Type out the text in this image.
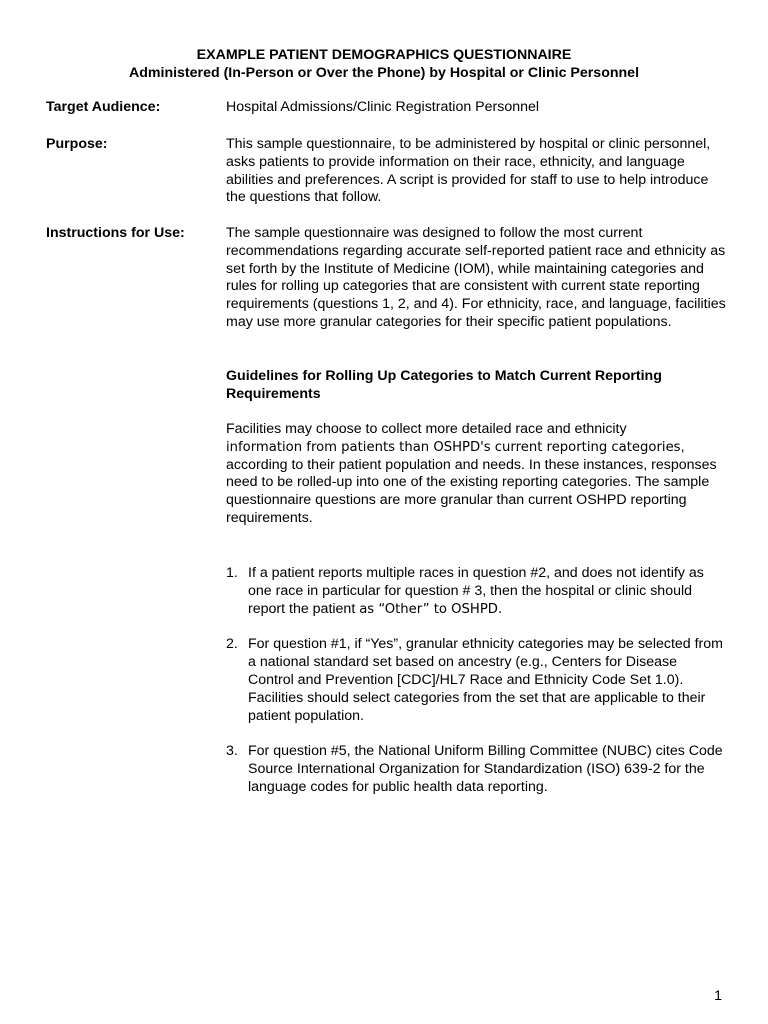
EXAMPLE PATIENT DEMOGRAPHICS QUESTIONNAIRE
Administered (In-Person or Over the Phone) by Hospital or Clinic Personnel
Target Audience:	Hospital Admissions/Clinic Registration Personnel
Purpose:	This sample questionnaire, to be administered by hospital or clinic personnel, asks patients to provide information on their race, ethnicity, and language abilities and preferences. A script is provided for staff to use to help introduce the questions that follow.
Instructions for Use:	The sample questionnaire was designed to follow the most current recommendations regarding accurate self-reported patient race and ethnicity as set forth by the Institute of Medicine (IOM), while maintaining categories and rules for rolling up categories that are consistent with current state reporting requirements (questions 1, 2, and 4). For ethnicity, race, and language, facilities may use more granular categories for their specific patient populations.
Guidelines for Rolling Up Categories to Match Current Reporting Requirements
Facilities may choose to collect more detailed race and ethnicity
information from patients than OSHPD's current reporting categories, according to their patient population and needs. In these instances, responses need to be rolled-up into one of the existing reporting categories. The sample questionnaire questions are more granular than current OSHPD reporting requirements.
1. If a patient reports multiple races in question #2, and does not identify as one race in particular for question # 3, then the hospital or clinic should report the patient as “Other” to OSHPD.
2. For question #1, if “Yes”, granular ethnicity categories may be selected from a national standard set based on ancestry (e.g., Centers for Disease Control and Prevention [CDC]/HL7 Race and Ethnicity Code Set 1.0). Facilities should select categories from the set that are applicable to their patient population.
3. For question #5, the National Uniform Billing Committee (NUBC) cites Code Source International Organization for Standardization (ISO) 639-2 for the language codes for public health data reporting.
1
